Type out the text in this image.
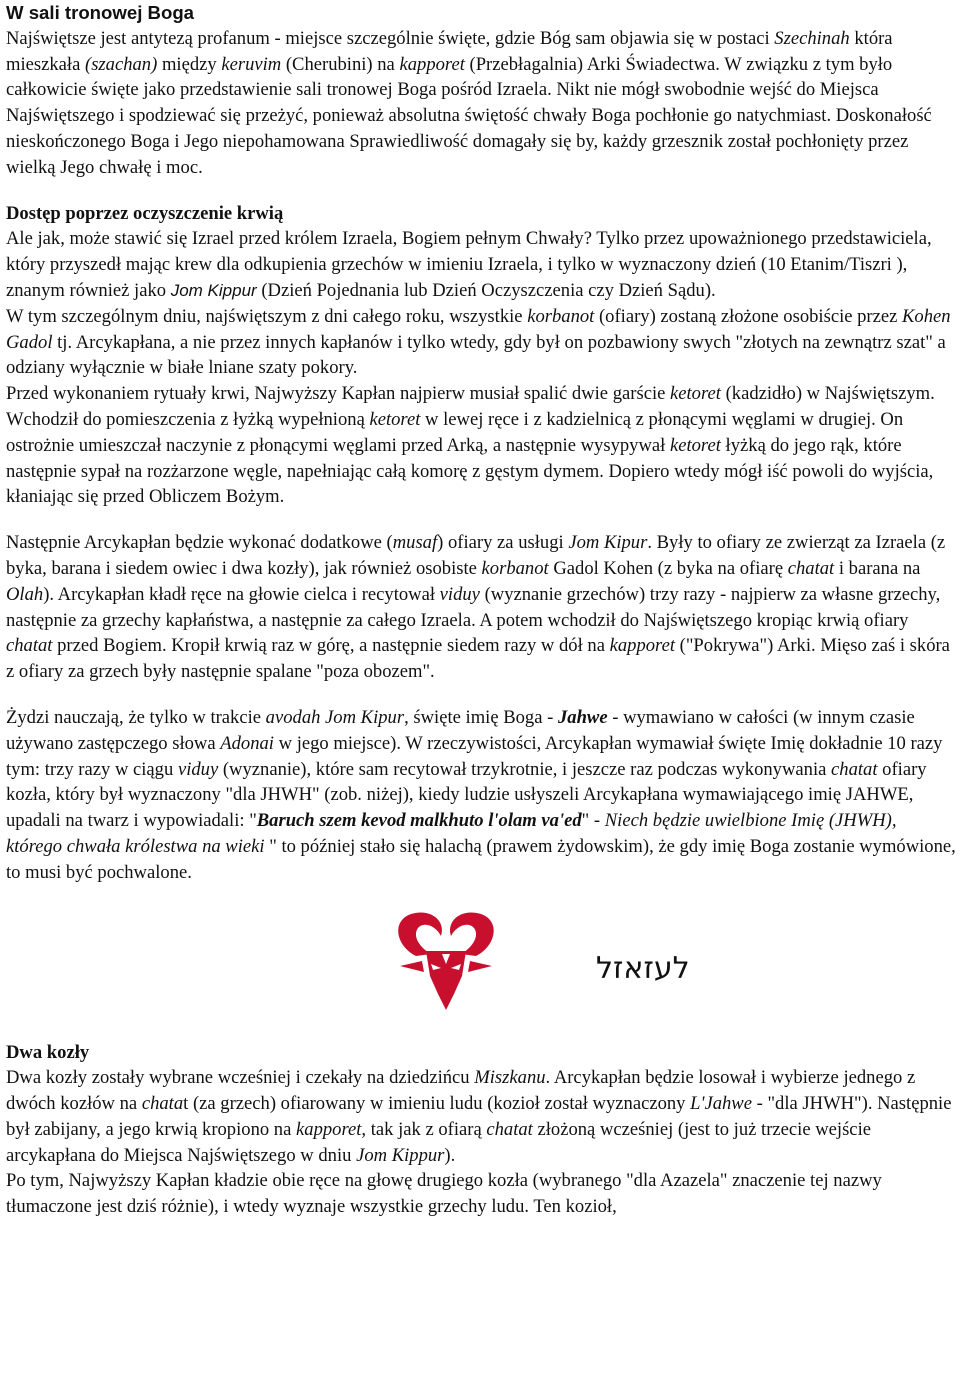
W sali tronowej Boga

Najświętsze jest antytezą profanum - miejsce szczególnie święte, gdzie Bóg sam objawia się w postaci Szechinah która mieszkała (szachan) między keruvim (Cherubini) na kapporet (Przebłagalnia) Arki Świadectwa. W związku z tym było całkowicie święte jako przedstawienie sali tronowej Boga pośród Izraela. Nikt nie mógł swobodnie wejść do Miejsca Najświętszego i spodziewać się przeżyć, ponieważ absolutna świętość chwały Boga pochłonie go natychmiast. Doskonałość nieskończonego Boga i Jego niepohamowana Sprawiedliwość domagały się by, każdy grzesznik został pochłonięty przez wielką Jego chwałę i moc.

Dostęp poprzez oczyszczenie krwią

Ale jak, może stawić się Izrael przed królem Izraela, Bogiem pełnym Chwały? Tylko przez upoważnionego przedstawiciela, który przyszedł mając krew dla odkupienia grzechów w imieniu Izraela, i tylko w wyznaczony dzień (10 Etanim/Tiszri ), znanym również jako Jom Kippur (Dzień Pojednania lub Dzień Oczyszczenia czy Dzień Sądu).

W tym szczególnym dniu, najświętszym z dni całego roku, wszystkie korbanot (ofiary) zostaną złożone osobiście przez Kohen Gadol tj. Arcykapłana, a nie przez innych kapłanów i tylko wtedy, gdy był on pozbawiony swych "złotych na zewnątrz szat" a odziany wyłącznie w białe lniane szaty pokory.

Przed wykonaniem rytuały krwi, Najwyższy Kapłan najpierw musiał spalić dwie garście ketoret (kadzidło) w Najświętszym. Wchodził do pomieszczenia z łyżką wypełnioną ketoret w lewej ręce i z kadzielnicą z płonącymi węglami w drugiej. On ostrożnie umieszczał naczynie z płonącymi węglami przed Arką, a następnie wysypywał ketoret łyżką do jego rąk, które następnie sypał na rozżarzone węgle, napełniając całą komorę z gęstym dymem. Dopiero wtedy mógł iść powoli do wyjścia, kłaniając się przed Obliczem Bożym.

Następnie Arcykapłan będzie wykonać dodatkowe (musaf) ofiary za usługi Jom Kipur. Były to ofiary ze zwierząt za Izraela (z byka, barana i siedem owiec i dwa kozły), jak również osobiste korbanot Gadol Kohen (z byka na ofiarę chatat i barana na Olah). Arcykapłan kładł ręce na głowie cielca i recytował viduy (wyznanie grzechów) trzy razy - najpierw za własne grzechy, następnie za grzechy kapłaństwa, a następnie za całego Izraela. A potem wchodził do Najświętszego kropiąc krwią ofiary chatat przed Bogiem. Kropił krwią raz w górę, a następnie siedem razy w dół na kapporet ("Pokrywa") Arki. Mięso zaś i skóra z ofiary za grzech były następnie spalane "poza obozem".

Żydzi nauczają, że tylko w trakcie avodah Jom Kipur, święte imię Boga - Jahwe - wymawiano w całości (w innym czasie używano zastępczego słowa Adonai w jego miejsce). W rzeczywistości, Arcykapłan wymawiał święte Imię dokładnie 10 razy tym: trzy razy w ciągu viduy (wyznanie), które sam recytował trzykrotnie, i jeszcze raz podczas wykonywania chatat ofiary kozła, który był wyznaczony "dla JHWH" (zob. niżej), kiedy ludzie usłyszeli Arcykapłana wymawiającego imię JAHWE, upadali na twarz i wypowiadali: "Baruch szem kevod malkhuto l'olam va'ed" - Niech będzie uwielbione Imię (JHWH), którego chwała królestwa na wieki " to później stało się halachą (prawem żydowskim), że gdy imię Boga zostanie wymówione, to musi być pochwalone.

לעזאזל
Dwa kozły

Dwa kozły zostały wybrane wcześniej i czekały na dziedzińcu Miszkanu. Arcykapłan będzie losował i wybierze jednego z dwóch kozłów na chatat (za grzech) ofiarowany w imieniu ludu (kozioł został wyznaczony L'Jahwe - "dla JHWH"). Następnie był zabijany, a jego krwią kropiono na kapporet, tak jak z ofiarą chatat złożoną wcześniej (jest to już trzecie wejście arcykapłana do Miejsca Najświętszego w dniu Jom Kippur).

Po tym, Najwyższy Kapłan kładzie obie ręce na głowę drugiego kozła (wybranego "dla Azazela" znaczenie tej nazwy tłumaczone jest dziś różnie), i wtedy wyznaje wszystkie grzechy ludu. Ten kozioł,
